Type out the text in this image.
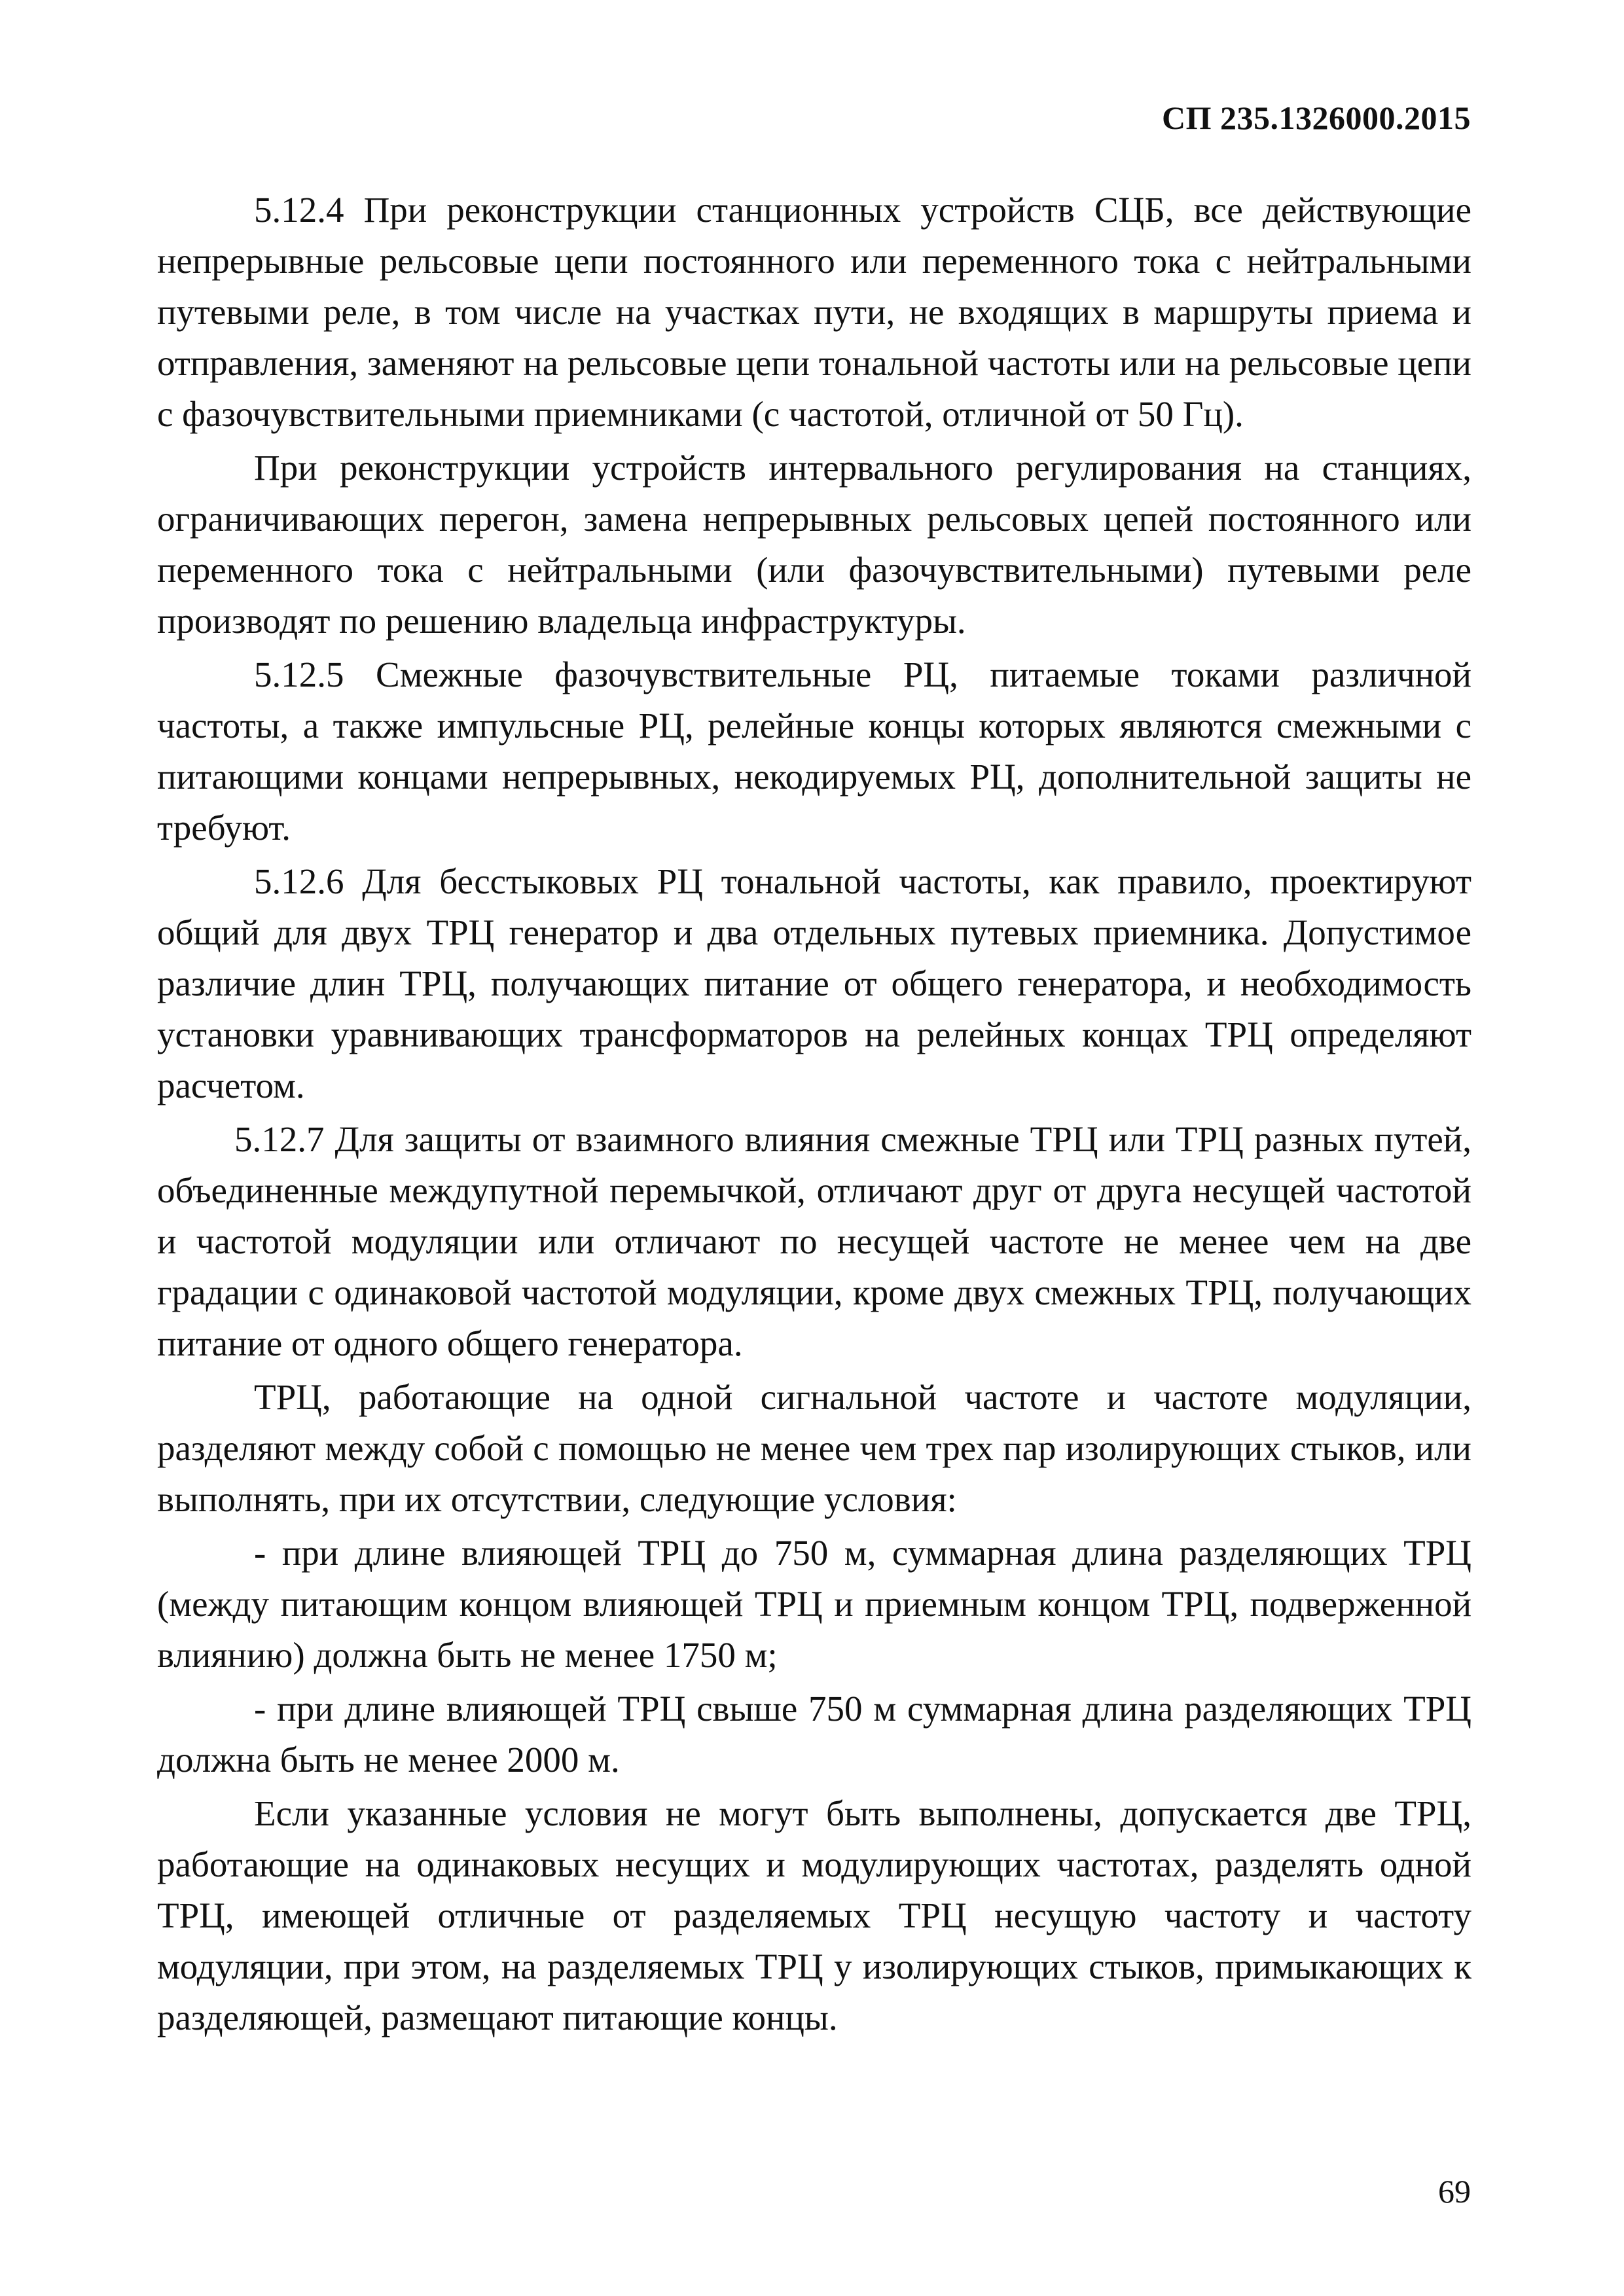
СП 235.1326000.2015

5.12.4 При реконструкции станционных устройств СЦБ, все действующие непрерывные рельсовые цепи постоянного или переменного тока с нейтральными путевыми реле, в том числе на участках пути, не входящих в маршруты приема и отправления, заменяют на рельсовые цепи тональной частоты или на рельсовые цепи с фазочувствительными приемниками (с частотой, отличной от 50 Гц).

При реконструкции устройств интервального регулирования на станциях, ограничивающих перегон, замена непрерывных рельсовых цепей постоянного или переменного тока с нейтральными (или фазочувствительными) путевыми реле производят по решению владельца инфраструктуры.

5.12.5 Смежные фазочувствительные РЦ, питаемые токами различной частоты, а также импульсные РЦ, релейные концы которых являются смежными с питающими концами непрерывных, некодируемых РЦ, дополнительной защиты не требуют.

5.12.6 Для бесстыковых РЦ тональной частоты, как правило, проектируют общий для двух ТРЦ генератор и два отдельных путевых приемника. Допустимое различие длин ТРЦ, получающих питание от общего генератора, и необходимость установки уравнивающих трансформаторов на релейных концах ТРЦ определяют расчетом.

5.12.7 Для защиты от взаимного влияния смежные ТРЦ или ТРЦ разных путей, объединенные междупутной перемычкой, отличают друг от друга несущей частотой и частотой модуляции или отличают по несущей частоте не менее чем на две градации с одинаковой частотой модуляции, кроме двух смежных ТРЦ, получающих питание от одного общего генератора.

ТРЦ, работающие на одной сигнальной частоте и частоте модуляции, разделяют между собой с помощью не менее чем трех пар изолирующих стыков, или выполнять, при их отсутствии, следующие условия:

- при длине влияющей ТРЦ до 750 м, суммарная длина разделяющих ТРЦ (между питающим концом влияющей ТРЦ и приемным концом ТРЦ, подверженной влиянию) должна быть не менее 1750 м;

- при длине влияющей ТРЦ свыше 750 м суммарная длина разделяющих ТРЦ должна быть не менее 2000 м.

Если указанные условия не могут быть выполнены, допускается две ТРЦ, работающие на одинаковых несущих и модулирующих частотах, разделять одной ТРЦ, имеющей отличные от разделяемых ТРЦ несущую частоту и частоту модуляции, при этом, на разделяемых ТРЦ у изолирующих стыков, примыкающих к разделяющей, размещают питающие концы.

69
